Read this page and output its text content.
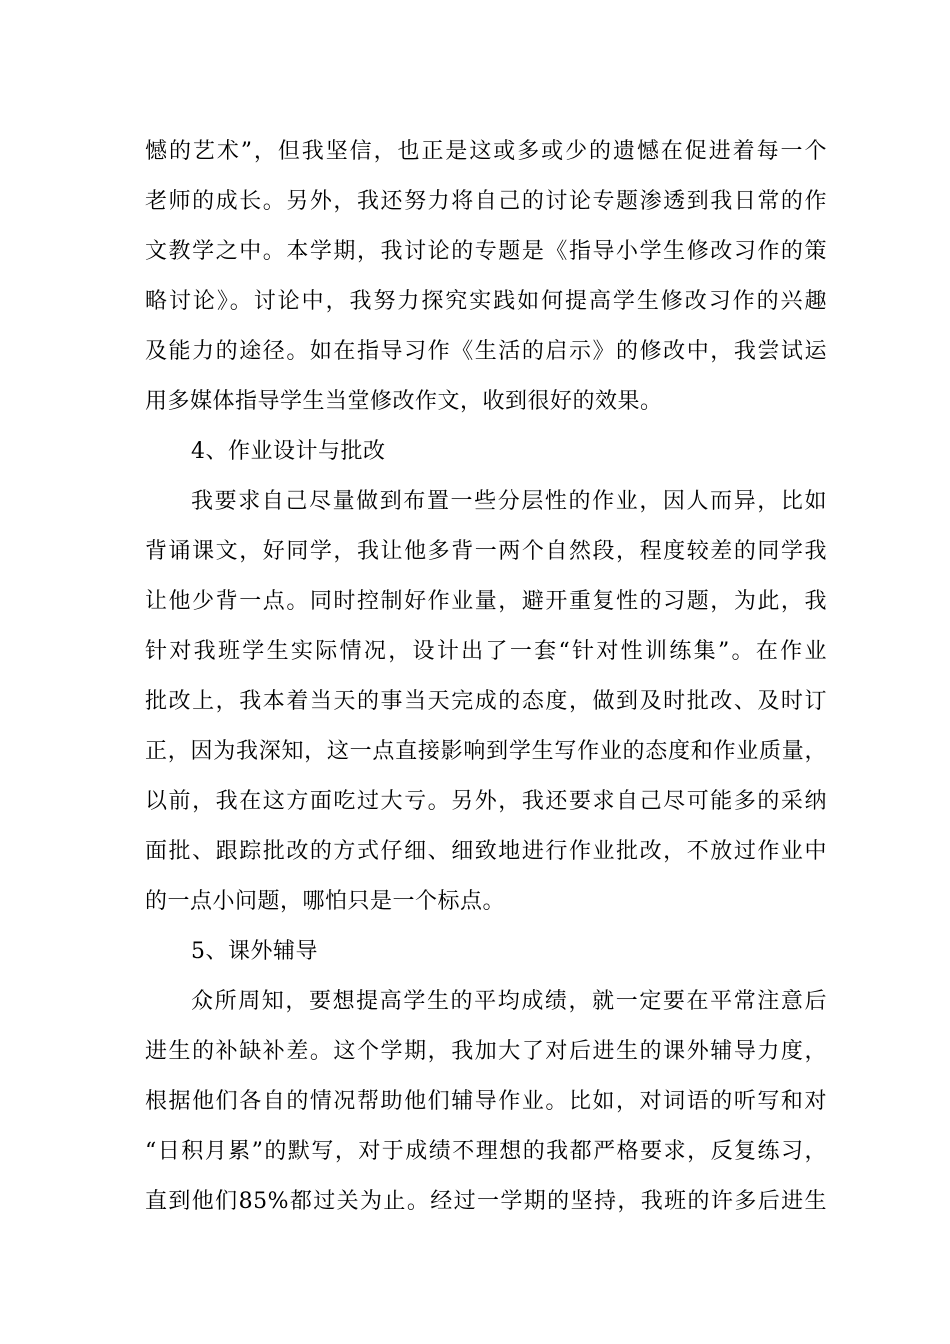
憾的艺术”，但我坚信，也正是这或多或少的遗憾在促进着每一个
老师的成长。另外，我还努力将自己的讨论专题渗透到我日常的作
文教学之中。本学期，我讨论的专题是《指导小学生修改习作的策
略讨论》。讨论中，我努力探究实践如何提高学生修改习作的兴趣
及能力的途径。如在指导习作《生活的启示》的修改中，我尝试运
用多媒体指导学生当堂修改作文，收到很好的效果。
4、作业设计与批改
我要求自己尽量做到布置一些分层性的作业，因人而异，比如
背诵课文，好同学，我让他多背一两个自然段，程度较差的同学我
让他少背一点。同时控制好作业量，避开重复性的习题，为此，我
针对我班学生实际情况，设计出了一套“针对性训练集”。在作业
批改上，我本着当天的事当天完成的态度，做到及时批改、及时订
正，因为我深知，这一点直接影响到学生写作业的态度和作业质量，
以前，我在这方面吃过大亏。另外，我还要求自己尽可能多的采纳
面批、跟踪批改的方式仔细、细致地进行作业批改，不放过作业中
的一点小问题，哪怕只是一个标点。
5、课外辅导
众所周知，要想提高学生的平均成绩，就一定要在平常注意后
进生的补缺补差。这个学期，我加大了对后进生的课外辅导力度，
根据他们各自的情况帮助他们辅导作业。比如，对词语的听写和对
“日积月累”的默写，对于成绩不理想的我都严格要求，反复练习，
直到他们85%都过关为止。经过一学期的坚持，我班的许多后进生
